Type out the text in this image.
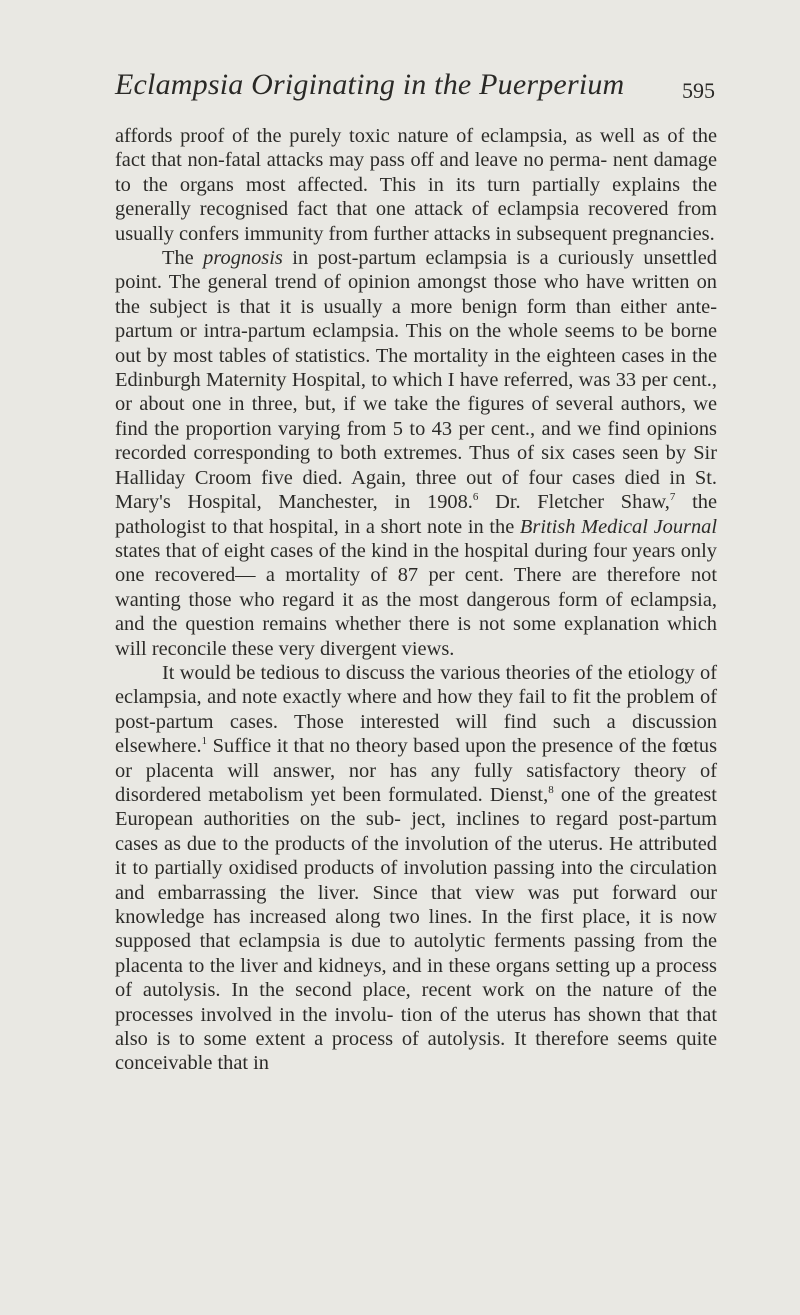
Eclampsia Originating in the Puerperium	595

affords proof of the purely toxic nature of eclampsia, as well as of the fact that non-fatal attacks may pass off and leave no perma- nent damage to the organs most affected. This in its turn partially explains the generally recognised fact that one attack of eclampsia recovered from usually confers immunity from further attacks in subsequent pregnancies.

The prognosis in post-partum eclampsia is a curiously unsettled point. The general trend of opinion amongst those who have written on the subject is that it is usually a more benign form than either ante-partum or intra-partum eclampsia. This on the whole seems to be borne out by most tables of statistics. The mortality in the eighteen cases in the Edinburgh Maternity Hospital, to which I have referred, was 33 per cent., or about one in three, but, if we take the figures of several authors, we find the proportion varying from 5 to 43 per cent., and we find opinions recorded corresponding to both extremes. Thus of six cases seen by Sir Halliday Croom five died. Again, three out of four cases died in St. Mary's Hospital, Manchester, in 1908.$^6$ Dr. Fletcher Shaw,$^7$ the pathologist to that hospital, in a short note in the British Medical Journal states that of eight cases of the kind in the hospital during four years only one recovered— a mortality of 87 per cent. There are therefore not wanting those who regard it as the most dangerous form of eclampsia, and the question remains whether there is not some explanation which will reconcile these very divergent views.

It would be tedious to discuss the various theories of the etiology of eclampsia, and note exactly where and how they fail to fit the problem of post-partum cases. Those interested will find such a discussion elsewhere.$^1$ Suffice it that no theory based upon the presence of the fœtus or placenta will answer, nor has any fully satisfactory theory of disordered metabolism yet been formulated. Dienst,$^8$ one of the greatest European authorities on the sub- ject, inclines to regard post-partum cases as due to the products of the involution of the uterus. He attributed it to partially oxidised products of involution passing into the circulation and embarrassing the liver. Since that view was put forward our knowledge has increased along two lines. In the first place, it is now supposed that eclampsia is due to autolytic ferments passing from the placenta to the liver and kidneys, and in these organs setting up a process of autolysis. In the second place, recent work on the nature of the processes involved in the involu- tion of the uterus has shown that that also is to some extent a process of autolysis. It therefore seems quite conceivable that in
